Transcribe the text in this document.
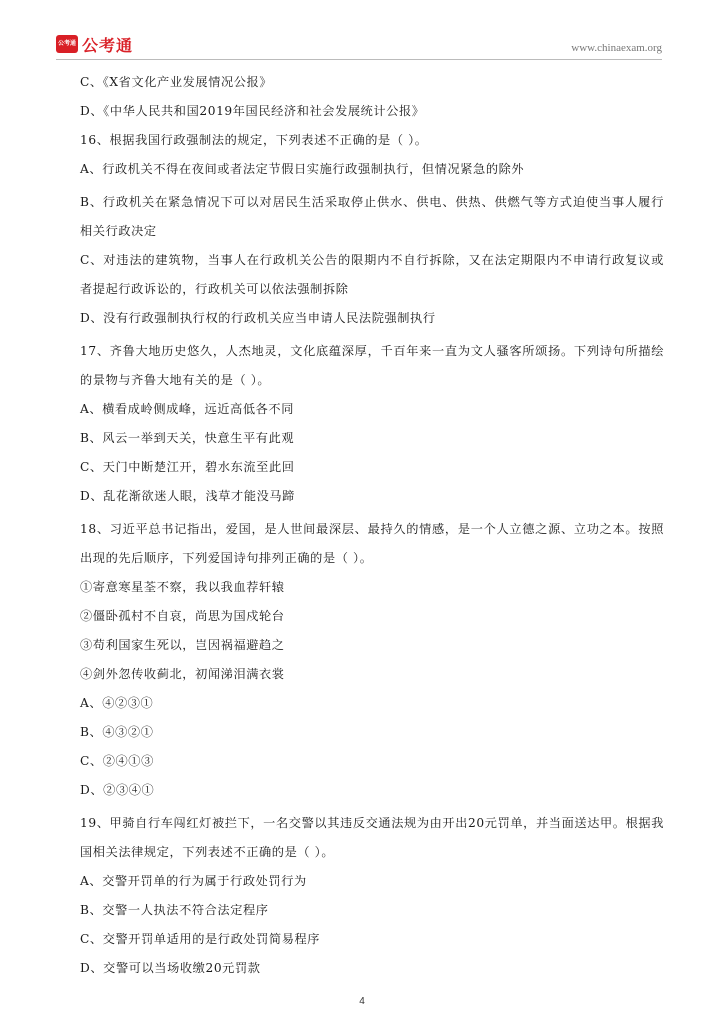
公考通 公考通	www.chinaexam.org
C、《X省文化产业发展情况公报》
D、《中华人民共和国2019年国民经济和社会发展统计公报》
16、根据我国行政强制法的规定，下列表述不正确的是（ ）。
A、行政机关不得在夜间或者法定节假日实施行政强制执行，但情况紧急的除外
B、行政机关在紧急情况下可以对居民生活采取停止供水、供电、供热、供燃气等方式迫使当事人履行相关行政决定
C、对违法的建筑物，当事人在行政机关公告的限期内不自行拆除，又在法定期限内不申请行政复议或者提起行政诉讼的，行政机关可以依法强制拆除
D、没有行政强制执行权的行政机关应当申请人民法院强制执行
17、齐鲁大地历史悠久，人杰地灵，文化底蕴深厚，千百年来一直为文人骚客所颂扬。下列诗句所描绘的景物与齐鲁大地有关的是（ ）。
A、横看成岭侧成峰，远近高低各不同
B、风云一举到天关，快意生平有此观
C、天门中断楚江开，碧水东流至此回
D、乱花渐欲迷人眼，浅草才能没马蹄
18、习近平总书记指出，爱国，是人世间最深层、最持久的情感，是一个人立德之源、立功之本。按照出现的先后顺序，下列爱国诗句排列正确的是（ ）。
①寄意寒星荃不察，我以我血荐轩辕
②僵卧孤村不自哀，尚思为国戍轮台
③苟利国家生死以，岂因祸福避趋之
④剑外忽传收蓟北，初闻涕泪满衣裳
A、④②③①
B、④③②①
C、②④①③
D、②③④①
19、甲骑自行车闯红灯被拦下，一名交警以其违反交通法规为由开出20元罚单，并当面送达甲。根据我国相关法律规定，下列表述不正确的是（ ）。
A、交警开罚单的行为属于行政处罚行为
B、交警一人执法不符合法定程序
C、交警开罚单适用的是行政处罚简易程序
D、交警可以当场收缴20元罚款
4
